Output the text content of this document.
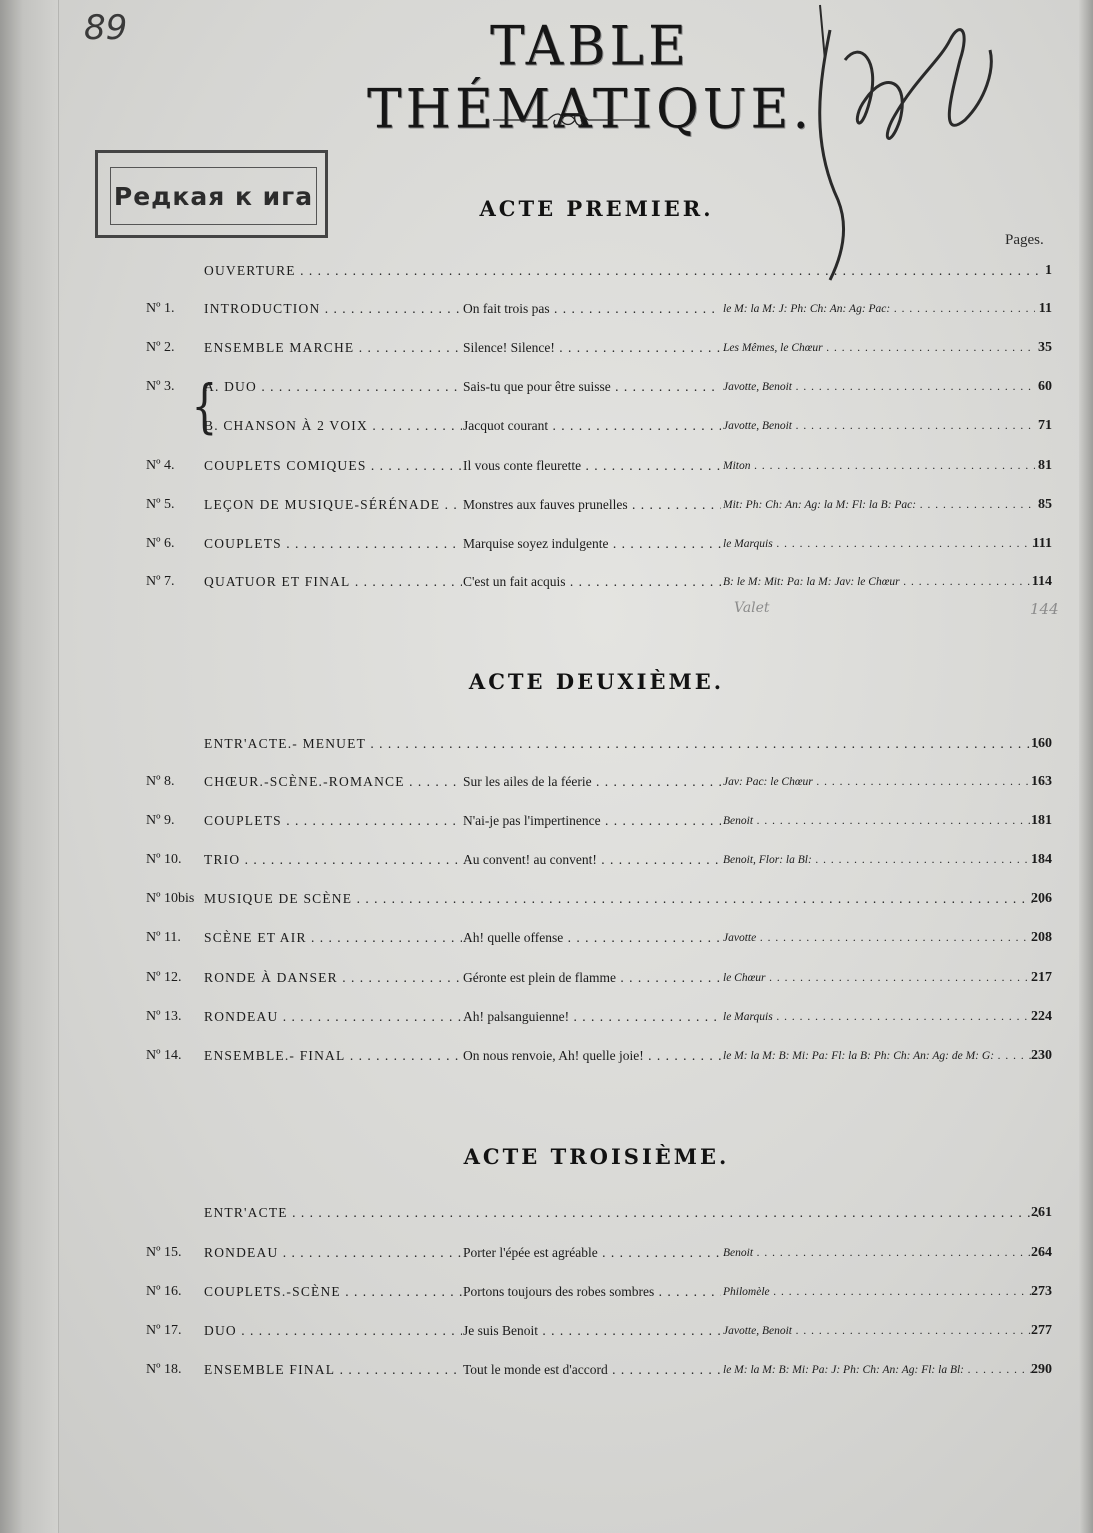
89	TABLE THÉMATIQUE.
Редкая к ига
Pages.
ACTE PREMIER.
OUVERTURE . . .	1
Nº 1.	INTRODUCTION . . .	On fait trois pas . . .	le M: la M: J: Ph: Ch: An: Ag: Pac: . . .	11
Nº 2.	ENSEMBLE MARCHE . . .	Silence! Silence! . . .	Les Mêmes, le Chœur . . .	35
Nº 3.	A. DUO . . .	Sais-tu que pour être suisse . . .	Javotte, Benoit . . .	60
B. CHANSON À 2 VOIX . . .	Jacquot courant . . .	Javotte, Benoit . . .	71
Nº 4.	COUPLETS COMIQUES . . .	Il vous conte fleurette . . .	Miton . . .	81
Nº 5.	LEÇON DE MUSIQUE-SÉRÉNADE . . .	Monstres aux fauves prunelles . . .	Mit: Ph: Ch: An: Ag: la M: Fl: la B: Pac: . . .	85
Nº 6.	COUPLETS . . .	Marquise soyez indulgente . . .	le Marquis . . .	111
Nº 7.	QUATUOR ET FINAL . . .	C'est un fait acquis . . .	B: le M: Mit: Pa: la M: Jav: le Chœur . . .	114
ACTE DEUXIÈME.
ENTR'ACTE.- MENUET . . .	160
Nº 8.	CHŒUR.-SCÈNE.-ROMANCE . . .	Sur les ailes de la féerie . . .	Jav: Pac: le Chœur . . .	163
Nº 9.	COUPLETS . . .	N'ai-je pas l'impertinence . . .	Benoit . . .	181
Nº 10.	TRIO . . .	Au convent! au convent! . . .	Benoit, Flor: la Bl: . . .	184
Nº 10bis MUSIQUE DE SCÈNE . . .	206
Nº 11.	SCÈNE ET AIR . . .	Ah! quelle offense . . .	Javotte . . .	208
Nº 12.	RONDE À DANSER . . .	Géronte est plein de flamme . . .	le Chœur . . .	217
Nº 13.	RONDEAU . . .	Ah! palsanguienne! . . .	le Marquis . . .	224
Nº 14.	ENSEMBLE.- FINAL . . .	On nous renvoie, Ah! quelle joie! . . .	le M: la M: B: Mi: Pa: Fl: la B: Ph: Ch: An: Ag: de M: G: . . .	230
ACTE TROISIÈME.
ENTR'ACTE . . .	261
Nº 15.	RONDEAU . . .	Porter l'épée est agréable . . .	Benoit . . .	264
Nº 16.	COUPLETS.-SCÈNE . . .	Portons toujours des robes sombres . . .	Philomèle . . .	273
Nº 17.	DUO . . .	Je suis Benoit . . .	Javotte, Benoit . . .	277
Nº 18.	ENSEMBLE FINAL . . .	Tout le monde est d'accord . . .	le M: la M: B: Mi: Pa: J: Ph: Ch: An: Ag: Fl: la Bl: . . .	290
144
Valet
{
